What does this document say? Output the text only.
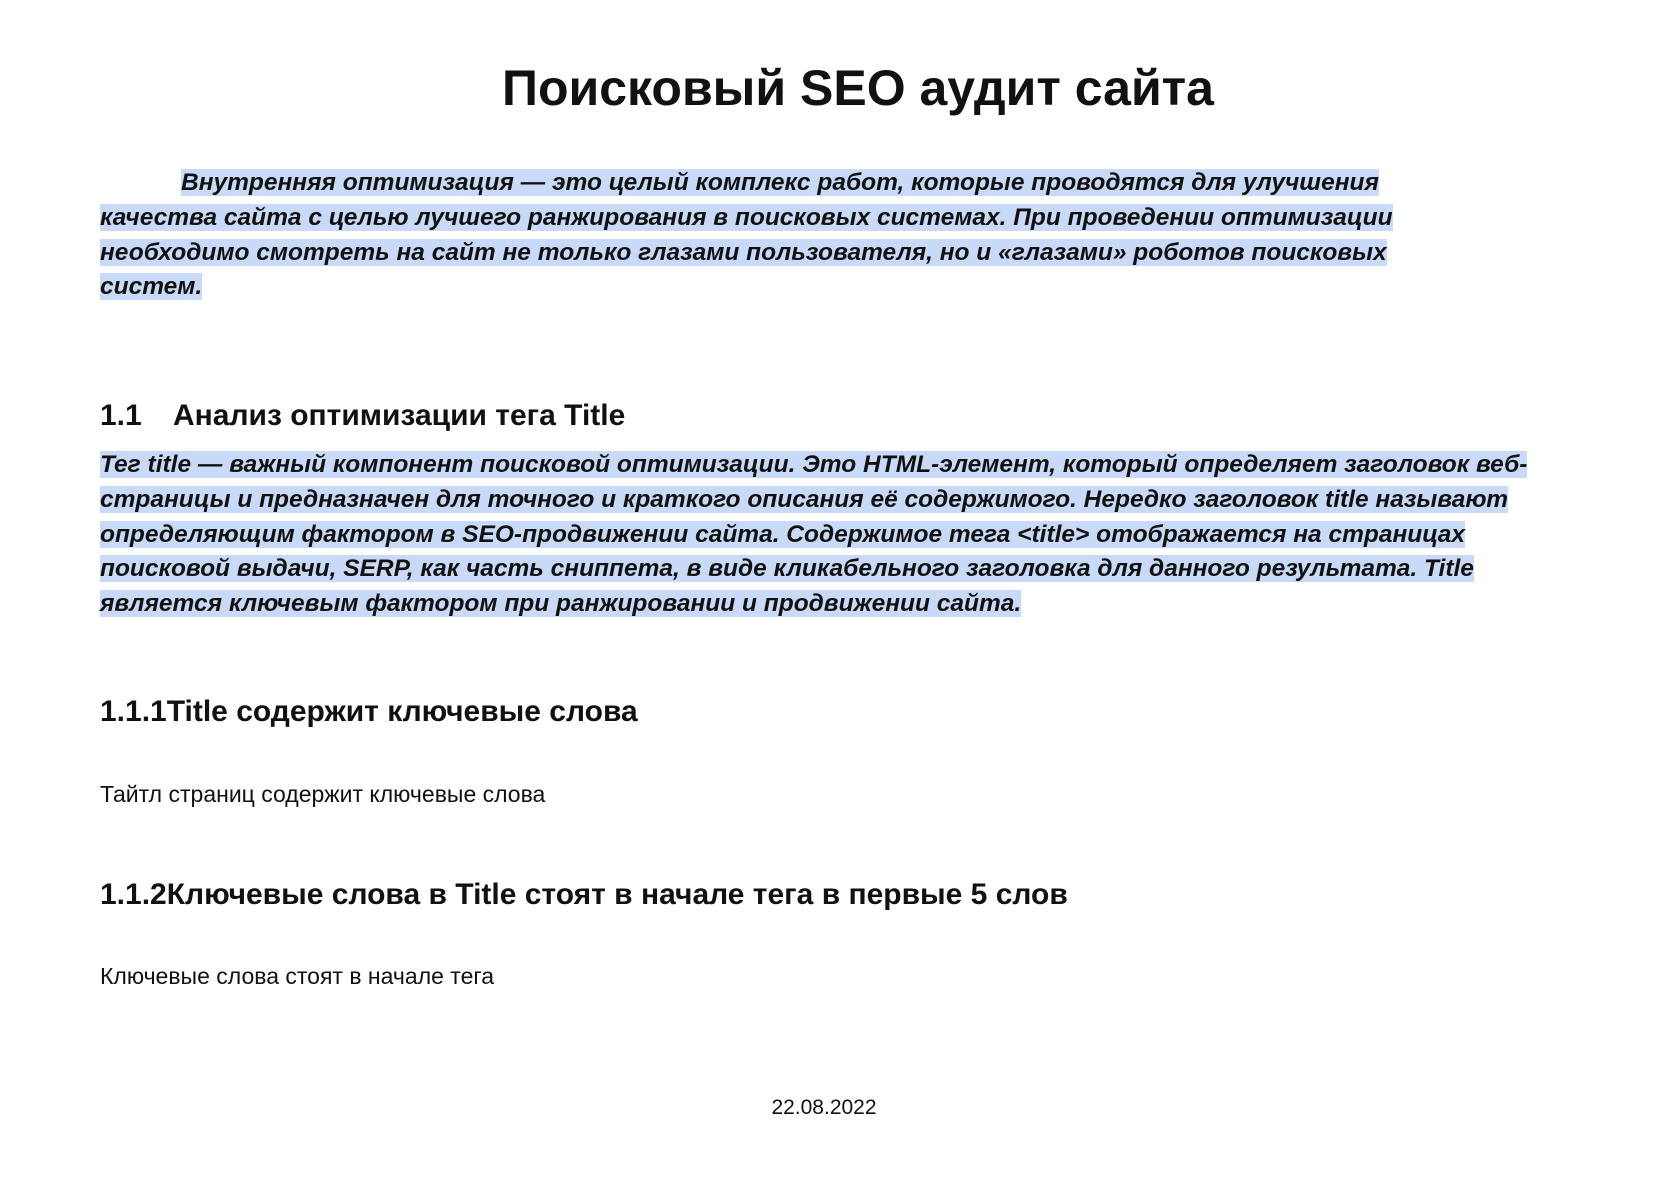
Поисковый SEO аудит сайта

Внутренняя оптимизация — это целый комплекс работ, которые проводятся для улучшения качества сайта с целью лучшего ранжирования в поисковых системах. При проведении оптимизации необходимо смотреть на сайт не только глазами пользователя, но и «глазами» роботов поисковых систем.

1.1 Анализ оптимизации тега Title

Тег title — важный компонент поисковой оптимизации. Это HTML-элемент, который определяет заголовок веб-страницы и предназначен для точного и краткого описания её содержимого. Нередко заголовок title называют определяющим фактором в SEO-продвижении сайта. Содержимое тега <title> отображается на страницах поисковой выдачи, SERP, как часть сниппета, в виде кликабельного заголовка для данного результата. Title является ключевым фактором при ранжировании и продвижении сайта.

1.1.1Title содержит ключевые слова

Тайтл страниц содержит ключевые слова

1.1.2Ключевые слова в Title стоят в начале тега в первые 5 слов

Ключевые слова стоят в начале тега

22.08.2022
